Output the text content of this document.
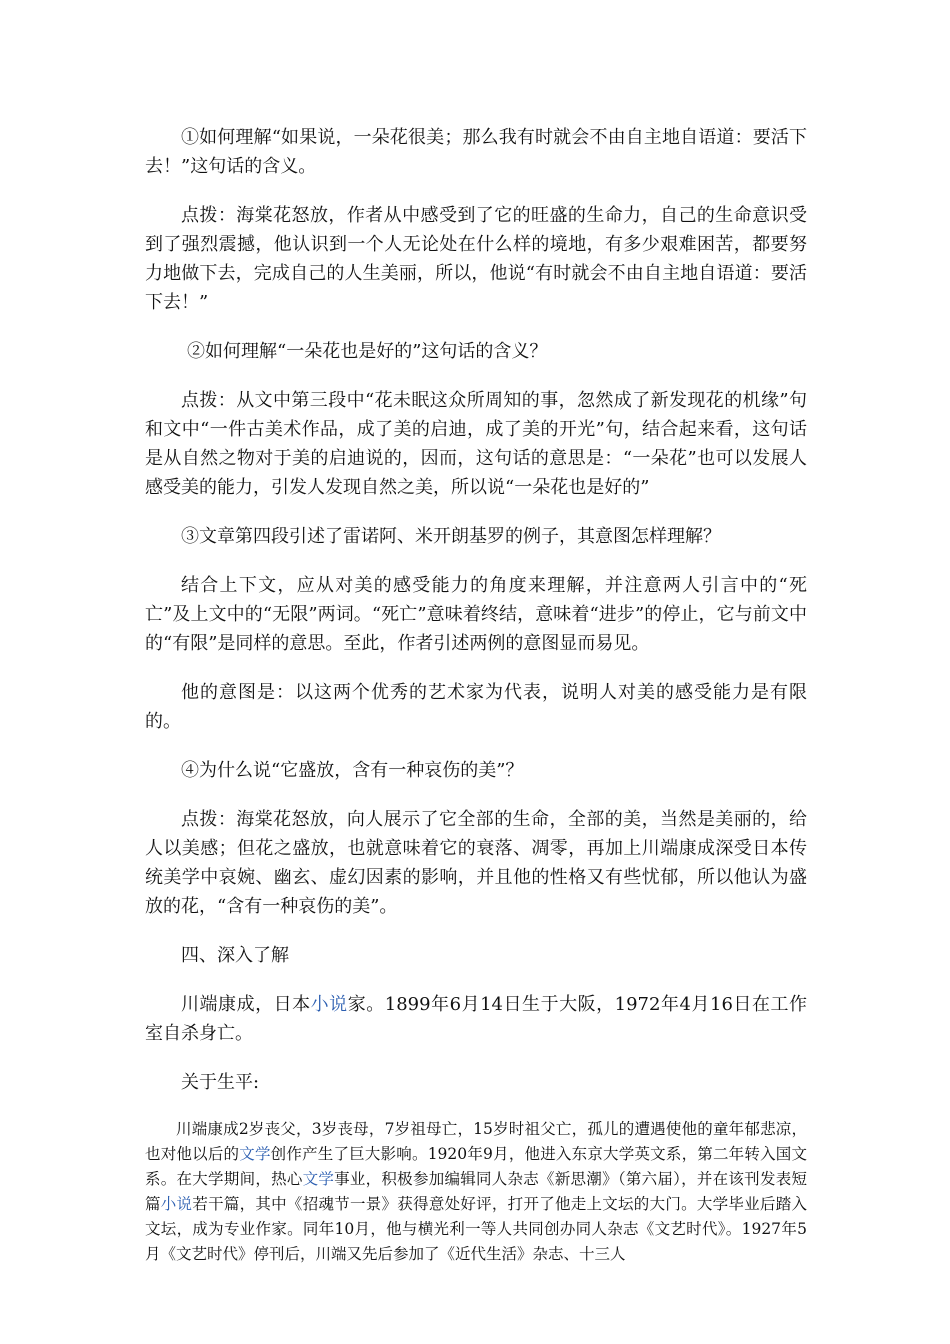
①如何理解“如果说，一朵花很美；那么我有时就会不由自主地自语道：要活下去！”这句话的含义。

点拨：海棠花怒放，作者从中感受到了它的旺盛的生命力，自己的生命意识受到了强烈震撼，他认识到一个人无论处在什么样的境地，有多少艰难困苦，都要努力地做下去，完成自己的人生美丽，所以，他说“有时就会不由自主地自语道：要活下去！”

②如何理解“一朵花也是好的”这句话的含义？

点拨：从文中第三段中“花未眠这众所周知的事，忽然成了新发现花的机缘”句和文中“一件古美术作品，成了美的启迪，成了美的开光”句，结合起来看，这句话是从自然之物对于美的启迪说的，因而，这句话的意思是：“一朵花”也可以发展人感受美的能力，引发人发现自然之美，所以说“一朵花也是好的”

③文章第四段引述了雷诺阿、米开朗基罗的例子，其意图怎样理解？

结合上下文，应从对美的感受能力的角度来理解，并注意两人引言中的“死亡”及上文中的“无限”两词。“死亡”意味着终结，意味着“进步”的停止，它与前文中的“有限”是同样的意思。至此，作者引述两例的意图显而易见。

他的意图是：以这两个优秀的艺术家为代表，说明人对美的感受能力是有限的。

④为什么说“它盛放，含有一种哀伤的美”？

点拨：海棠花怒放，向人展示了它全部的生命，全部的美，当然是美丽的，给人以美感；但花之盛放，也就意味着它的衰落、凋零，再加上川端康成深受日本传统美学中哀婉、幽玄、虚幻因素的影响，并且他的性格又有些忧郁，所以他认为盛放的花，“含有一种哀伤的美”。

四、深入了解

川端康成，日本小说家。1899年6月14日生于大阪，1972年4月16日在工作室自杀身亡。

关于生平:

川端康成2岁丧父，3岁丧母，7岁祖母亡，15岁时祖父亡，孤儿的遭遇使他的童年郁悲凉，也对他以后的文学创作产生了巨大影响。1920年9月，他进入东京大学英文系，第二年转入国文系。在大学期间，热心文学事业，积极参加编辑同人杂志《新思潮》（第六届），并在该刊发表短篇小说若干篇，其中《招魂节一景》获得意处好评，打开了他走上文坛的大门。大学毕业后踏入文坛，成为专业作家。同年10月，他与横光利一等人共同创办同人杂志《文艺时代》。1927年5月《文艺时代》停刊后，川端又先后参加了《近代生活》杂志、十三人
